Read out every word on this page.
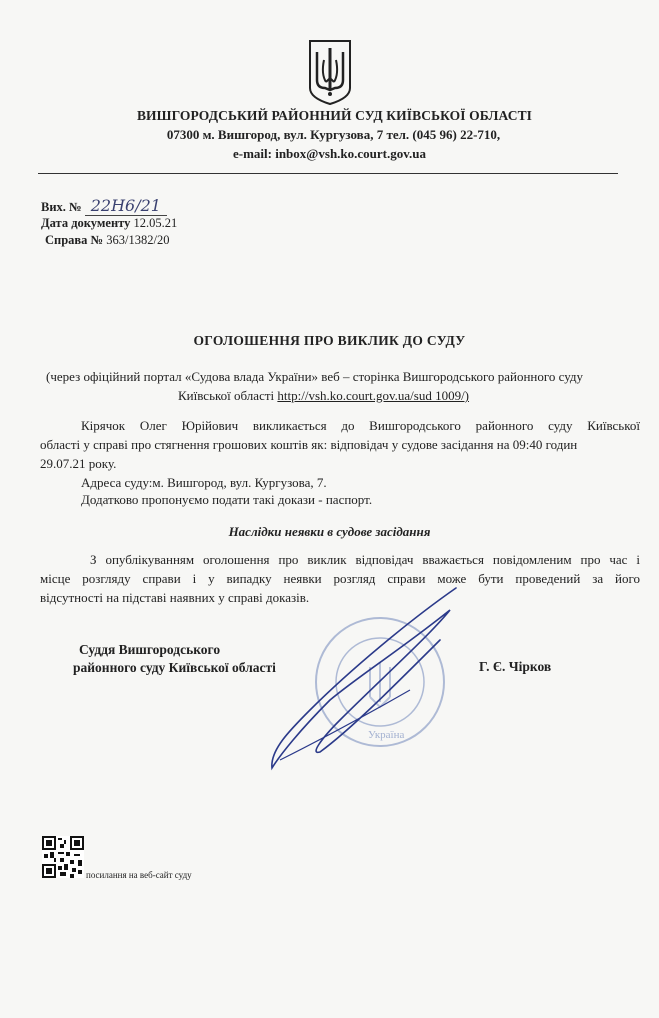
ВИШГОРОДСЬКИЙ РАЙОННИЙ СУД КИЇВСЬКОЇ ОБЛАСТІ
07300 м. Вишгород, вул. Кургузова, 7 тел. (045 96) 22-710,
e-mail: inbox@vsh.ko.court.gov.ua
Вих. № 22Н6/21
Дата документу 12.05.21
Справа № 363/1382/20
ОГОЛОШЕННЯ ПРО ВИКЛИК ДО СУДУ
(через офіційний портал «Судова влада України» веб – сторінка Вишгородського районного суду
Київської області http://vsh.ko.court.gov.ua/sud 1009/)
Кірячок Олег Юрійович викликається до Вишгородського районного суду Київської
області у справі про стягнення грошових коштів як: відповідач у судове засідання на 09:40 годин
29.07.21 року.
Адреса суду:м. Вишгород, вул. Кургузова, 7.
Додатково пропонуємо подати такі докази - паспорт.
Наслідки неявки в судове засідання
З опублікуванням оголошення про виклик відповідач вважається повідомленим про час і
місце розгляду справи і у випадку неявки розгляд справи може бути проведений за його
відсутності на підставі наявних у справі доказів.
Україна
Суддя Вишгородського
районного суду Київської області	Г. Є. Чірков
посилання на веб-сайт суду
